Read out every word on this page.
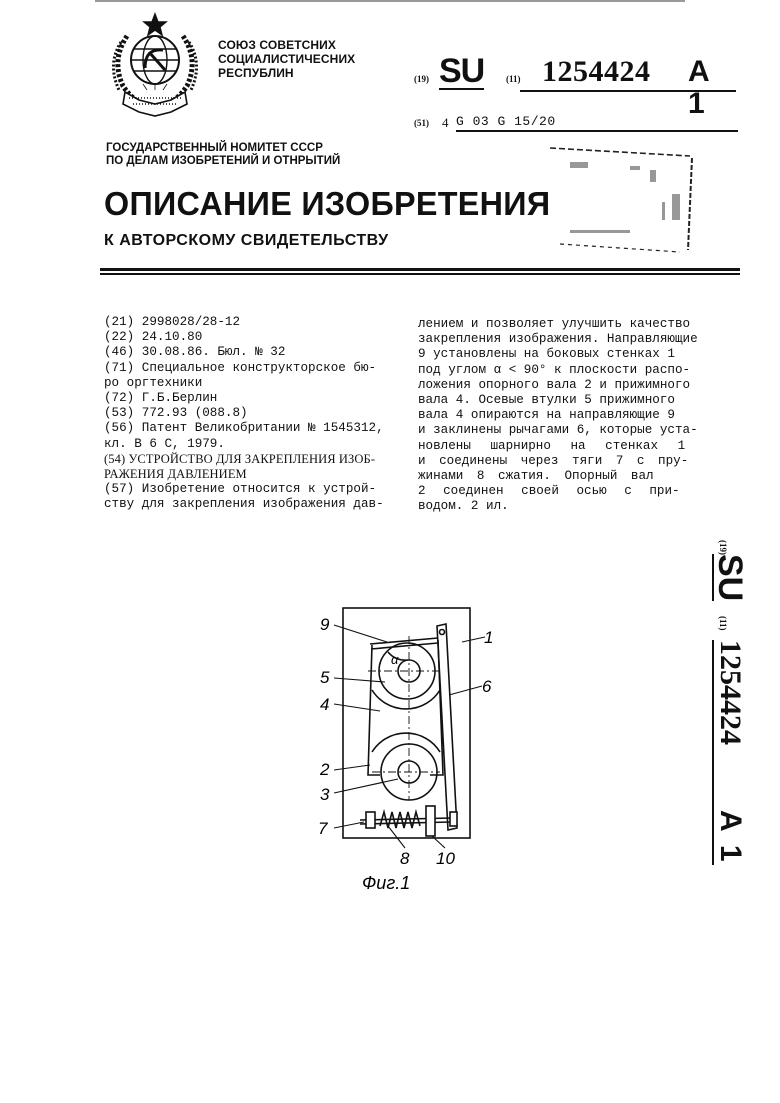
СОЮЗ СОВЕТСНИХ
СОЦИАЛИСТИЧЕСНИХ
РЕСПУБЛИН	(19) SU (11) 1254424 A 1
(51) 4 G 03 G 15/20
ГОСУДАРСТВЕННЫЙ НОМИТЕТ СССР
ПО ДЕЛАМ ИЗОБРЕТЕНИЙ И ОТНРЫТИЙ
ОПИСАНИЕ ИЗОБРЕТЕНИЯ
К АВТОРСКОМУ СВИДЕТЕЛЬСТВУ
(21) 2998028/28-12
(22) 24.10.80
(46) 30.08.86. Бюл. № 32
(71) Специальное конструкторское бю-
ро оргтехники
(72) Г.Б.Берлин
(53) 772.93 (088.8)
(56) Патент Великобритании № 1545312,
кл. В 6 С, 1979.
(54) УСТРОЙСТВО ДЛЯ ЗАКРЕПЛЕНИЯ ИЗОБ-
РАЖЕНИЯ ДАВЛЕНИЕМ
(57) Изобретение относится к устрой-
ству для закрепления изображения дав-
лением и позволяет улучшить качество
закрепления изображения. Направляющие
9 установлены на боковых стенках 1
под углом α < 90° к плоскости распо-
ложения опорного вала 2 и прижимного
вала 4. Осевые втулки 5 прижимного
вала 4 опираются на направляющие 9
и заклинены рычагами 6, которые уста-
новлены шарнирно на стенках 1
и соединены через тяги 7 с пру-
жинами 8 сжатия. Опорный вал
2 соединен своей осью с при-
водом. 2 ил.
(19)
SU
(11)
1254424
A 1
9
1
5	6
4
2
3
7
8 10
α
Фиг.1
